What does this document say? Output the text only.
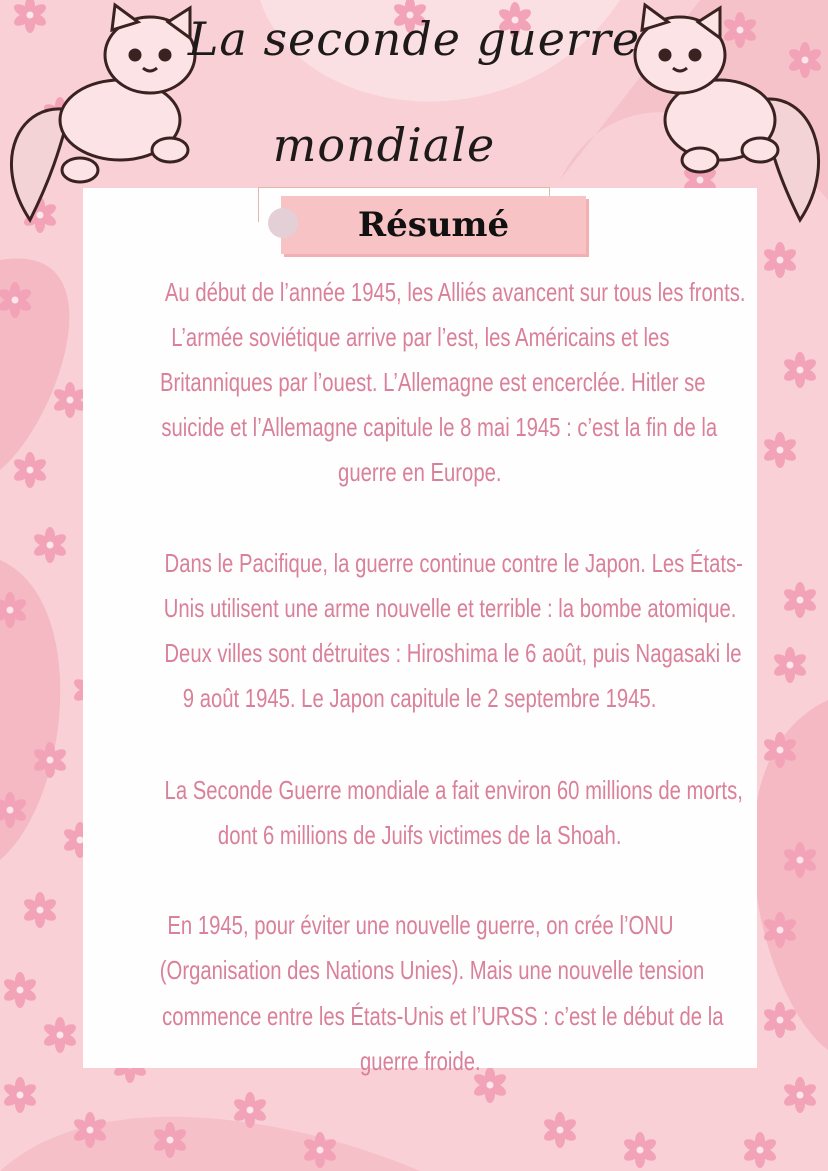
La seconde guerre
mondiale
Résumé
Au début de l’année 1945, les Alliés avancent sur tous les fronts.
L’armée soviétique arrive par l’est, les Américains et les
Britanniques par l’ouest. L’Allemagne est encerclée. Hitler se
suicide et l’Allemagne capitule le 8 mai 1945 : c’est la fin de la
guerre en Europe.
Dans le Pacifique, la guerre continue contre le Japon. Les États-
Unis utilisent une arme nouvelle et terrible : la bombe atomique.
Deux villes sont détruites : Hiroshima le 6 août, puis Nagasaki le
9 août 1945. Le Japon capitule le 2 septembre 1945.
La Seconde Guerre mondiale a fait environ 60 millions de morts,
dont 6 millions de Juifs victimes de la Shoah.
En 1945, pour éviter une nouvelle guerre, on crée l’ONU
(Organisation des Nations Unies). Mais une nouvelle tension
commence entre les États-Unis et l’URSS : c’est le début de la
guerre froide.
